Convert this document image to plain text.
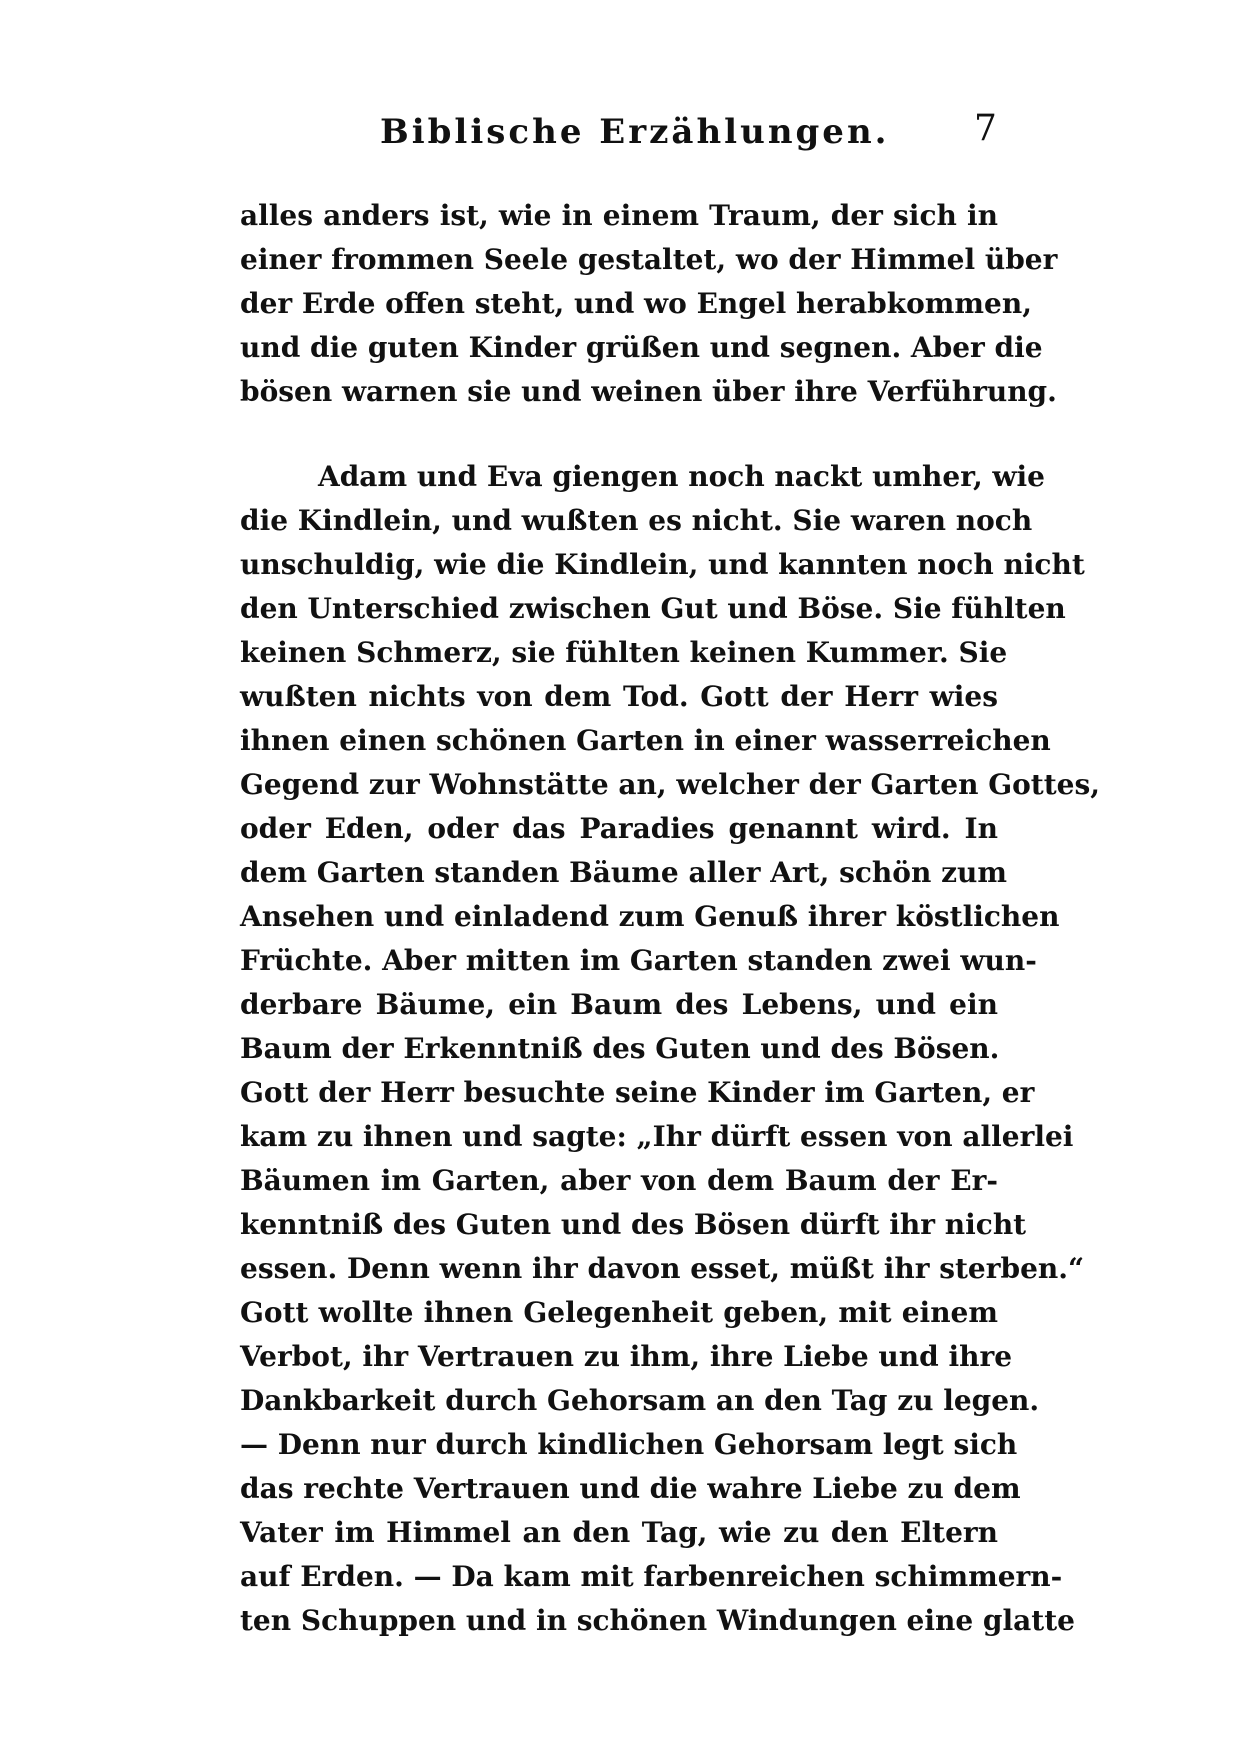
Biblische Erzählungen. 7
alles anders ist, wie in einem Traum, der sich in
einer frommen Seele gestaltet, wo der Himmel über
der Erde offen steht, und wo Engel herabkommen,
und die guten Kinder grüßen und segnen. Aber die
bösen warnen sie und weinen über ihre Verführung.
Adam und Eva giengen noch nackt umher, wie
die Kindlein, und wußten es nicht. Sie waren noch
unschuldig, wie die Kindlein, und kannten noch nicht
den Unterschied zwischen Gut und Böse. Sie fühlten
keinen Schmerz, sie fühlten keinen Kummer. Sie
wußten nichts von dem Tod. Gott der Herr wies
ihnen einen schönen Garten in einer wasserreichen
Gegend zur Wohnstätte an, welcher der Garten Gottes,
oder Eden, oder das Paradies genannt wird. In
dem Garten standen Bäume aller Art, schön zum
Ansehen und einladend zum Genuß ihrer köstlichen
Früchte. Aber mitten im Garten standen zwei wun-
derbare Bäume, ein Baum des Lebens, und ein
Baum der Erkenntniß des Guten und des Bösen.
Gott der Herr besuchte seine Kinder im Garten, er
kam zu ihnen und sagte: „Ihr dürft essen von allerlei
Bäumen im Garten, aber von dem Baum der Er-
kenntniß des Guten und des Bösen dürft ihr nicht
essen. Denn wenn ihr davon esset, müßt ihr sterben.“
Gott wollte ihnen Gelegenheit geben, mit einem
Verbot, ihr Vertrauen zu ihm, ihre Liebe und ihre
Dankbarkeit durch Gehorsam an den Tag zu legen.
— Denn nur durch kindlichen Gehorsam legt sich
das rechte Vertrauen und die wahre Liebe zu dem
Vater im Himmel an den Tag, wie zu den Eltern
auf Erden. — Da kam mit farbenreichen schimmern-
ten Schuppen und in schönen Windungen eine glatte
